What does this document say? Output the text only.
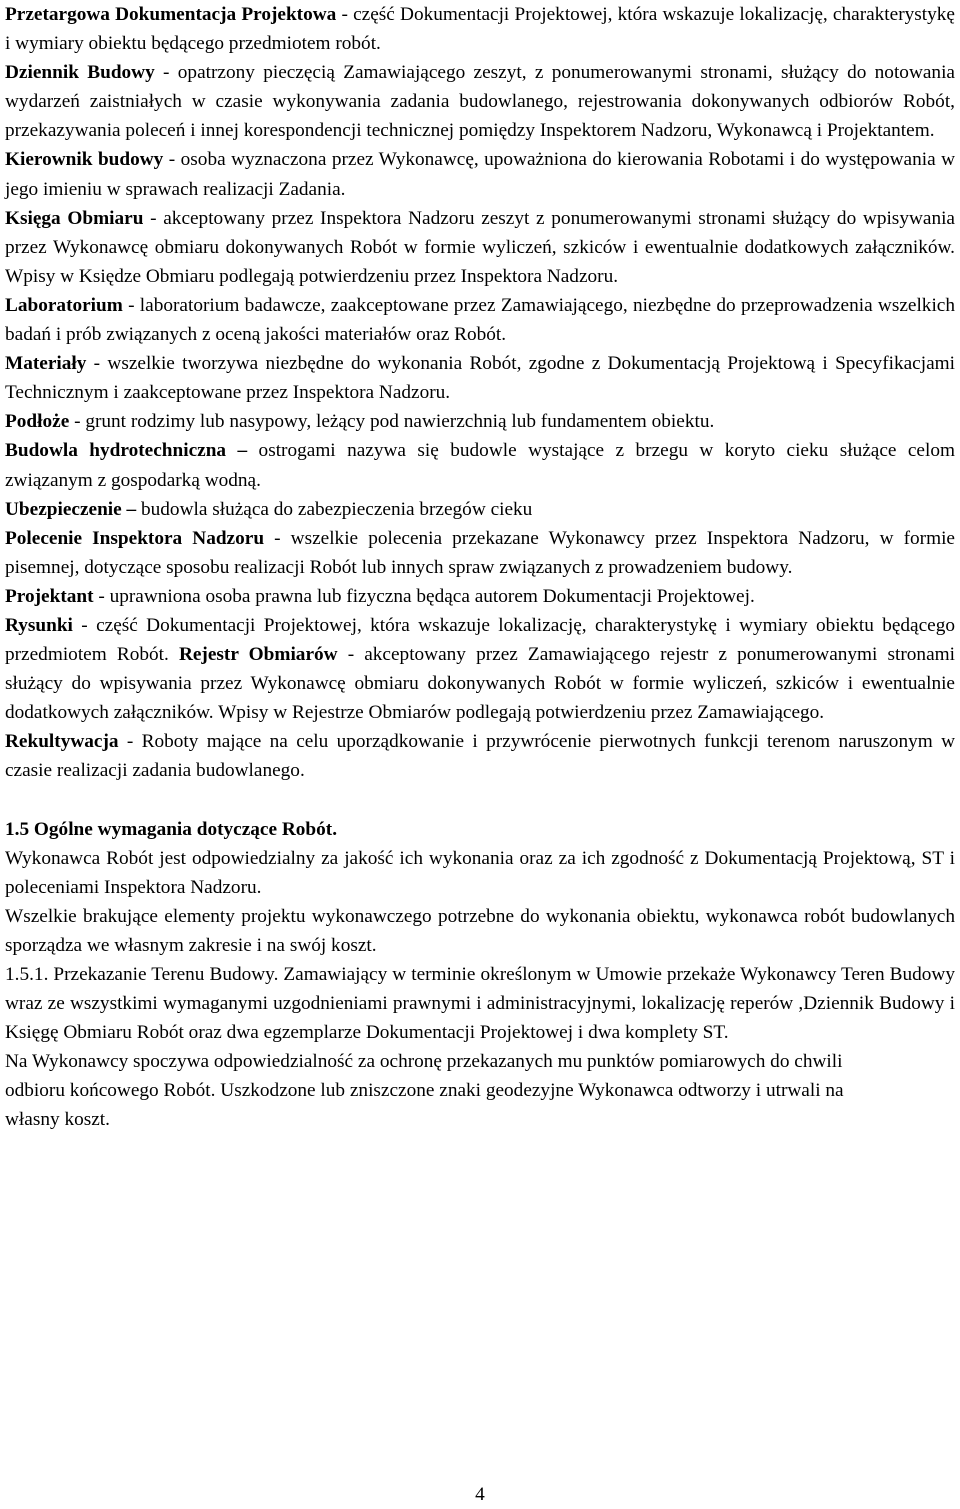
Przetargowa Dokumentacja Projektowa - część Dokumentacji Projektowej, która wskazuje lokalizację, charakterystykę i wymiary obiektu będącego przedmiotem robót.

Dziennik Budowy - opatrzony pieczęcią Zamawiającego zeszyt, z ponumerowanymi stronami, służący do notowania wydarzeń zaistniałych w czasie wykonywania zadania budowlanego, rejestrowania dokonywanych odbiorów Robót, przekazywania poleceń i innej korespondencji technicznej pomiędzy Inspektorem Nadzoru, Wykonawcą i Projektantem.

Kierownik budowy - osoba wyznaczona przez Wykonawcę, upoważniona do kierowania Robotami i do występowania w jego imieniu w sprawach realizacji Zadania.

Księga Obmiaru - akceptowany przez Inspektora Nadzoru zeszyt z ponumerowanymi stronami służący do wpisywania przez Wykonawcę obmiaru dokonywanych Robót w formie wyliczeń, szkiców i ewentualnie dodatkowych załączników. Wpisy w Księdze Obmiaru podlegają potwierdzeniu przez Inspektora Nadzoru.

Laboratorium - laboratorium badawcze, zaakceptowane przez Zamawiającego, niezbędne do przeprowadzenia wszelkich badań i prób związanych z oceną jakości materiałów oraz Robót.

Materiały - wszelkie tworzywa niezbędne do wykonania Robót, zgodne z Dokumentacją Projektową i Specyfikacjami Technicznym i zaakceptowane przez Inspektora Nadzoru.

Podłoże - grunt rodzimy lub nasypowy, leżący pod nawierzchnią lub fundamentem obiektu.

Budowla hydrotechniczna – ostrogami nazywa się budowle wystające z brzegu w koryto cieku służące celom związanym z gospodarką wodną.

Ubezpieczenie – budowla służąca do zabezpieczenia brzegów cieku

Polecenie Inspektora Nadzoru - wszelkie polecenia przekazane Wykonawcy przez Inspektora Nadzoru, w formie pisemnej, dotyczące sposobu realizacji Robót lub innych spraw związanych z prowadzeniem budowy.

Projektant - uprawniona osoba prawna lub fizyczna będąca autorem Dokumentacji Projektowej.

Rysunki - część Dokumentacji Projektowej, która wskazuje lokalizację, charakterystykę i wymiary obiektu będącego przedmiotem Robót. Rejestr Obmiarów - akceptowany przez Zamawiającego rejestr z ponumerowanymi stronami służący do wpisywania przez Wykonawcę obmiaru dokonywanych Robót w formie wyliczeń, szkiców i ewentualnie dodatkowych załączników. Wpisy w Rejestrze Obmiarów podlegają potwierdzeniu przez Zamawiającego.

Rekultywacja - Roboty mające na celu uporządkowanie i przywrócenie pierwotnych funkcji terenom naruszonym w czasie realizacji zadania budowlanego.

1.5 Ogólne wymagania dotyczące Robót.

Wykonawca Robót jest odpowiedzialny za jakość ich wykonania oraz za ich zgodność z Dokumentacją Projektową, ST i poleceniami Inspektora Nadzoru.

Wszelkie brakujące elementy projektu wykonawczego potrzebne do wykonania obiektu, wykonawca robót budowlanych sporządza we własnym zakresie i na swój koszt.

1.5.1. Przekazanie Terenu Budowy. Zamawiający w terminie określonym w Umowie przekaże Wykonawcy Teren Budowy wraz ze wszystkimi wymaganymi uzgodnieniami prawnymi i administracyjnymi, lokalizację reperów ,Dziennik Budowy i Księgę Obmiaru Robót oraz dwa egzemplarze Dokumentacji Projektowej i dwa komplety ST.

Na Wykonawcy spoczywa odpowiedzialność za ochronę przekazanych mu punktów pomiarowych do chwili odbioru końcowego Robót. Uszkodzone lub zniszczone znaki geodezyjne Wykonawca odtworzy i utrwali na własny koszt.

4
